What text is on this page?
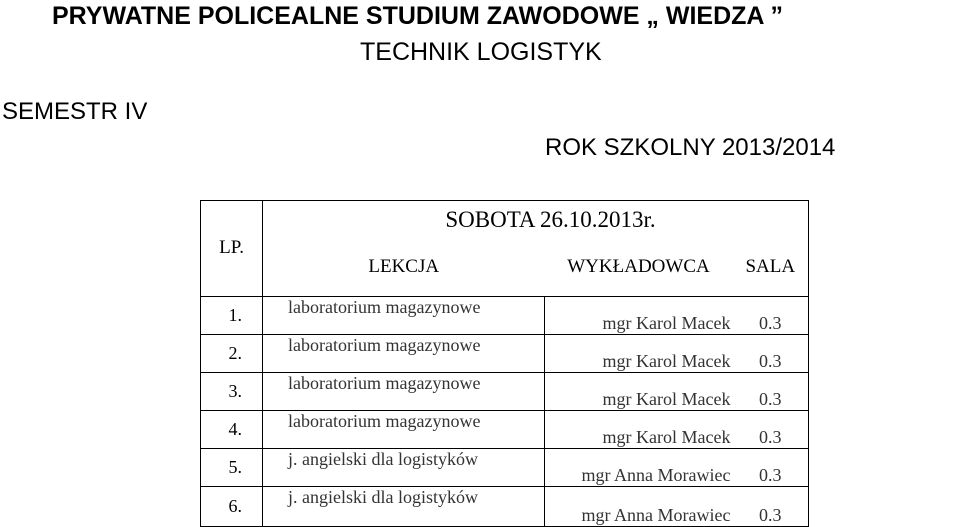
PRYWATNE POLICEALNE STUDIUM ZAWODOWE „ WIEDZA ”
TECHNIK LOGISTYK
SEMESTR IV
ROK SZKOLNY 2013/2014
LP.	SOBOTA 26.10.2013r.		
	LEKCJA	WYKŁADOWCA	SALA
1.	laboratorium magazynowe	mgr Karol Macek	0.3
2.	laboratorium magazynowe	mgr Karol Macek	0.3
3.	laboratorium magazynowe	mgr Karol Macek	0.3
4.	laboratorium magazynowe	mgr Karol Macek	0.3
5.	j. angielski dla logistyków	mgr Anna Morawiec	0.3
6.	j. angielski dla logistyków	mgr Anna Morawiec	0.3
